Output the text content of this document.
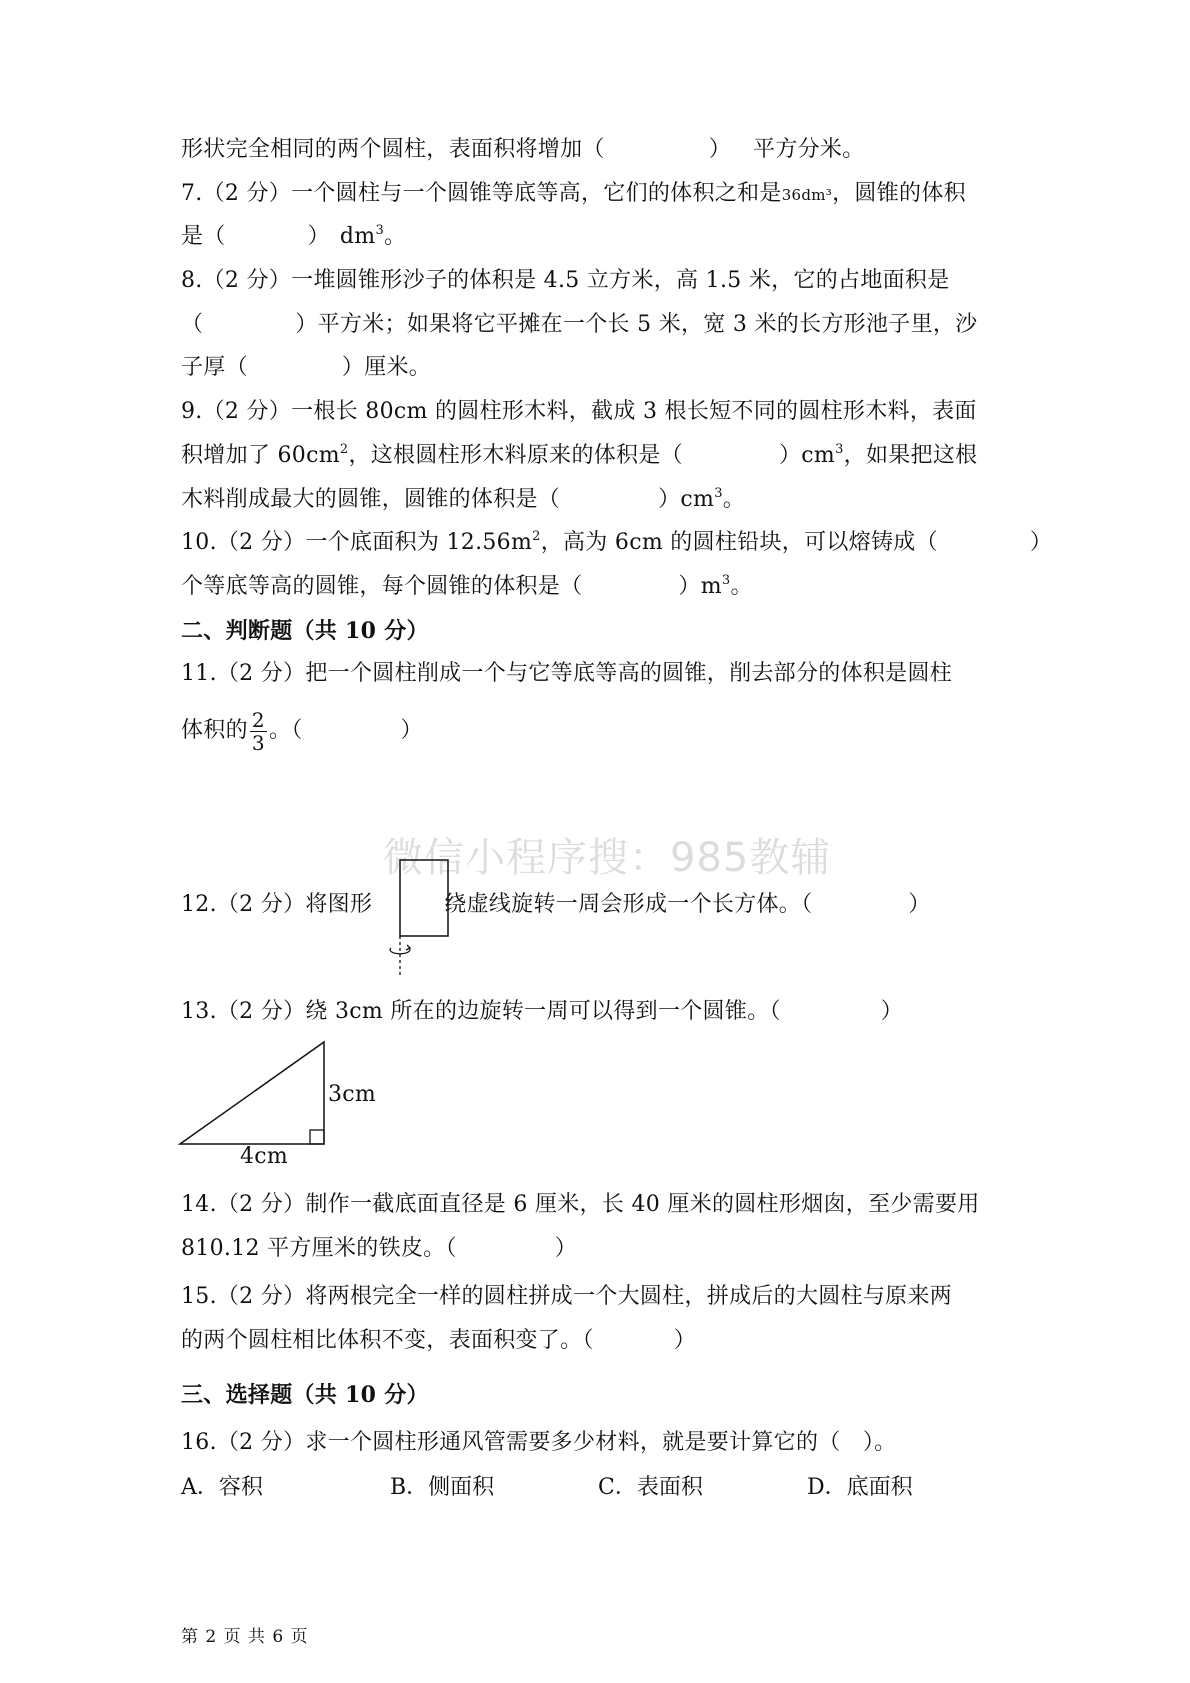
形状完全相同的两个圆柱，表面积将增加（	） 平方分米。
7.（2 分）一个圆柱与一个圆锥等底等高，它们的体积之和是36dm³，圆锥的体积
是（	） $dm^3$。
8.（2 分）一堆圆锥形沙子的体积是 4.5 立方米，高 1.5 米，它的占地面积是
（	）平方米；如果将它平摊在一个长 5 米，宽 3 米的长方形池子里，沙
子厚（	）厘米。
9.（2 分）一根长 80cm 的圆柱形木料，截成 3 根长短不同的圆柱形木料，表面
积增加了 $60cm^2$，这根圆柱形木料原来的体积是（	）$cm^3$，如果把这根
木料削成最大的圆锥，圆锥的体积是（	）$cm^3$。
10.（2 分）一个底面积为 $12.56m^2$，高为 6cm 的圆柱铅块，可以熔铸成（	）
个等底等高的圆锥，每个圆锥的体积是（	）$m^3$。
二、判断题（共 10 分）
11.（2 分）把一个圆柱削成一个与它等底等高的圆锥，削去部分的体积是圆柱
体积的 $\frac{2}{3}$ 。（	）
微信小程序搜：985教辅
12.（2 分）将图形	绕虚线旋转一周会形成一个长方体。（	）
13.（2 分）绕 3cm 所在的边旋转一周可以得到一个圆锥。（	）
3cm
4cm
14.（2 分）制作一截底面直径是 6 厘米，长 40 厘米的圆柱形烟囱，至少需要用
810.12 平方厘米的铁皮。（	）
15.（2 分）将两根完全一样的圆柱拼成一个大圆柱，拼成后的大圆柱与原来两
的两个圆柱相比体积不变，表面积变了。（	）
三、选择题（共 10 分）
16.（2 分）求一个圆柱形通风管需要多少材料，就是要计算它的（　）。
A．容积	B．侧面积	C．表面积	D．底面积
第 2 页 共 6 页
